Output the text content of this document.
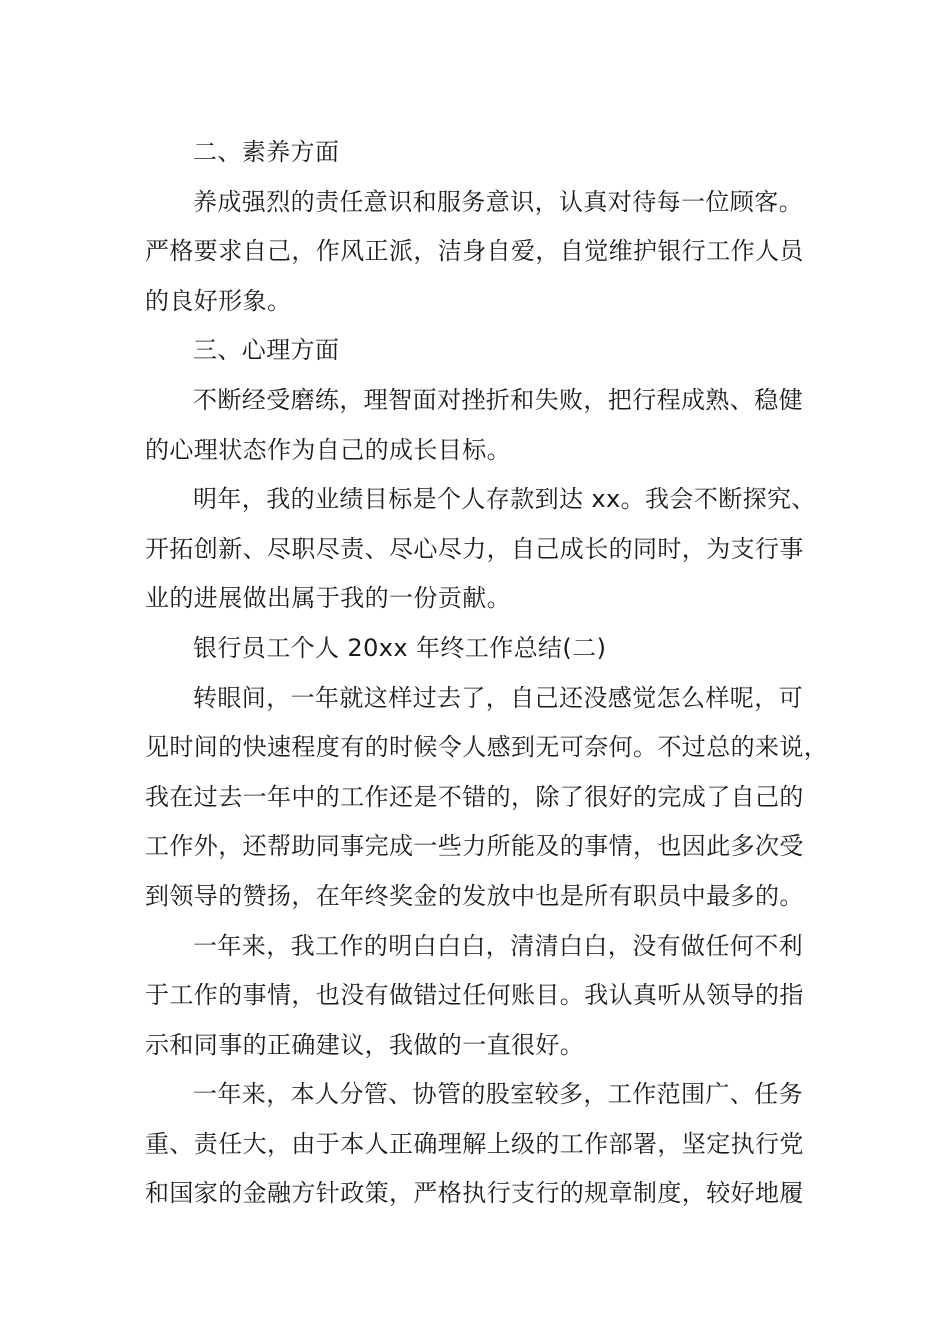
二、素养方面
养成强烈的责任意识和服务意识，认真对待每一位顾客。
严格要求自己，作风正派，洁身自爱，自觉维护银行工作人员
的良好形象。
三、心理方面
不断经受磨练，理智面对挫折和失败，把行程成熟、稳健
的心理状态作为自己的成长目标。
明年，我的业绩目标是个人存款到达 xx。我会不断探究、
开拓创新、尽职尽责、尽心尽力，自己成长的同时，为支行事
业的进展做出属于我的一份贡献。
银行员工个人 20xx 年终工作总结(二)
转眼间，一年就这样过去了，自己还没感觉怎么样呢，可
见时间的快速程度有的时候令人感到无可奈何。不过总的来说，
我在过去一年中的工作还是不错的，除了很好的完成了自己的
工作外，还帮助同事完成一些力所能及的事情，也因此多次受
到领导的赞扬，在年终奖金的发放中也是所有职员中最多的。
一年来，我工作的明白白白，清清白白，没有做任何不利
于工作的事情，也没有做错过任何账目。我认真听从领导的指
示和同事的正确建议，我做的一直很好。
一年来，本人分管、协管的股室较多，工作范围广、任务
重、责任大，由于本人正确理解上级的工作部署，坚定执行党
和国家的金融方针政策，严格执行支行的规章制度，较好地履
